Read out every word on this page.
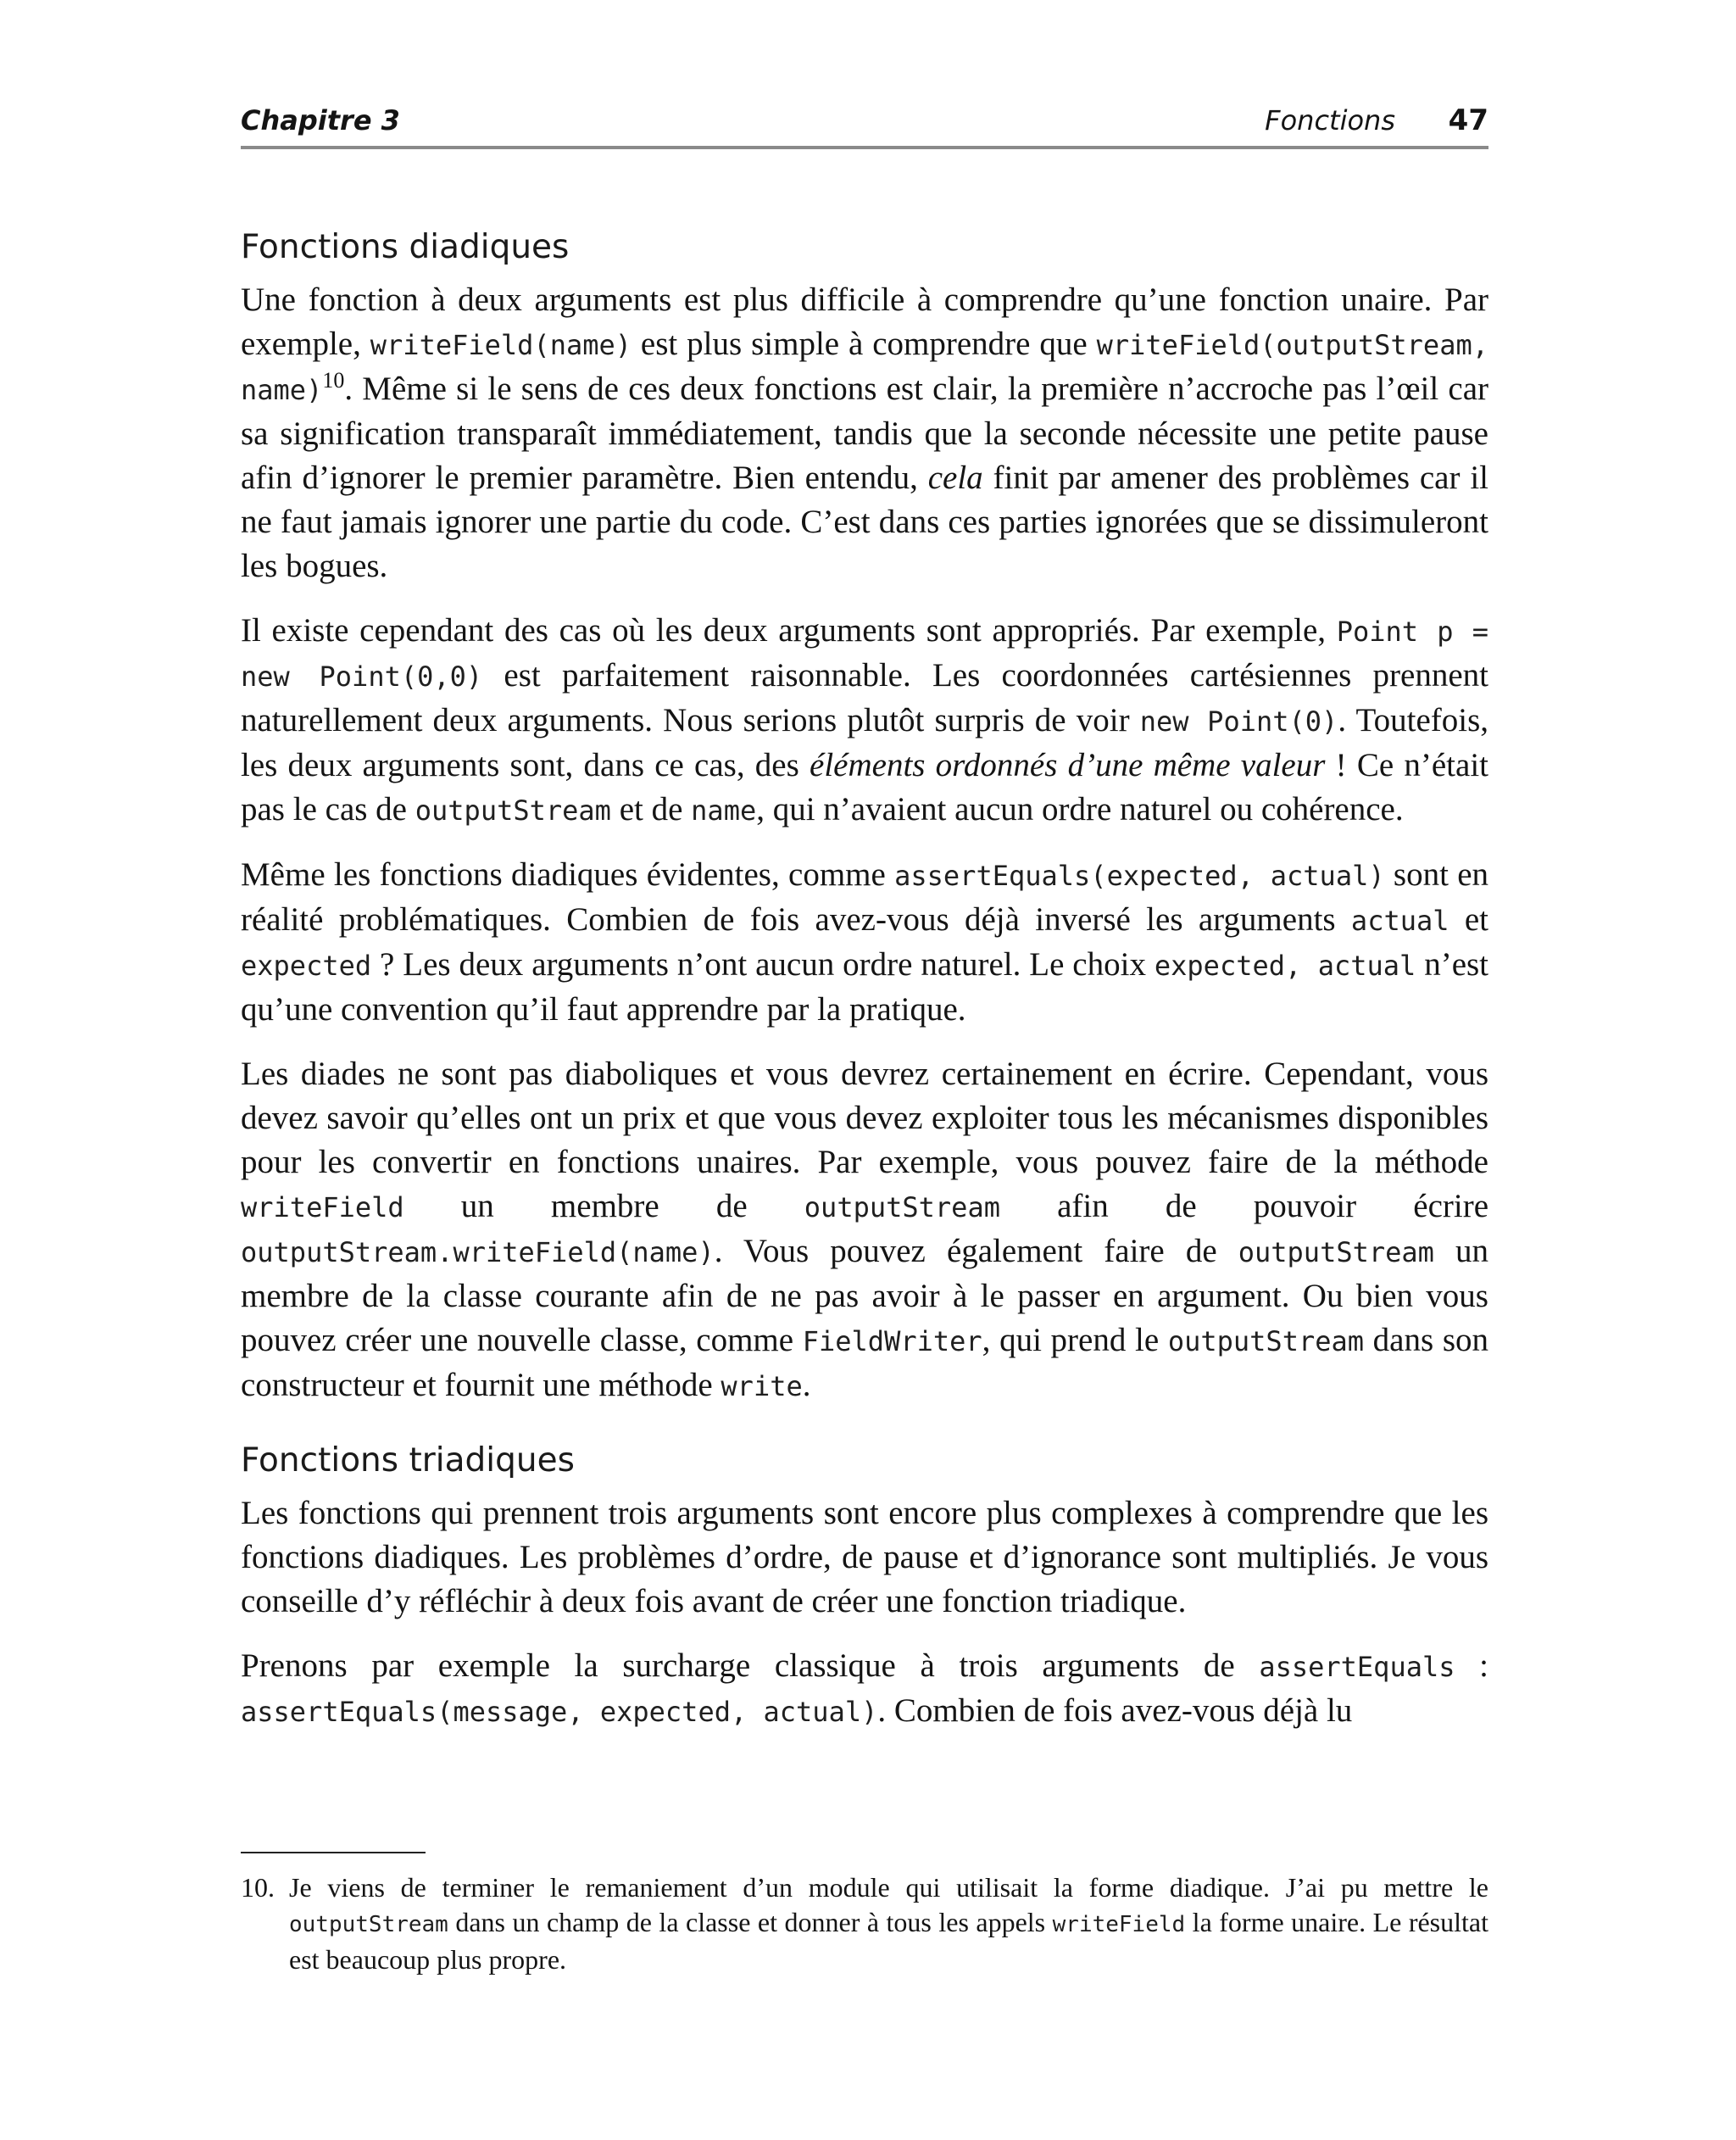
Chapitre 3	Fonctions 47
Fonctions diadiques

Une fonction à deux arguments est plus difficile à comprendre qu’une fonction unaire. Par exemple, writeField(name) est plus simple à comprendre que writeField(outputStream, name)$^{10}$. Même si le sens de ces deux fonctions est clair, la première n’accroche pas l’œil car sa signification transparaît immédiatement, tandis que la seconde nécessite une petite pause afin d’ignorer le premier paramètre. Bien entendu, cela finit par amener des problèmes car il ne faut jamais ignorer une partie du code. C’est dans ces parties ignorées que se dissimuleront les bogues.

Il existe cependant des cas où les deux arguments sont appropriés. Par exemple, Point p = new Point(0,0) est parfaitement raisonnable. Les coordonnées cartésiennes prennent naturellement deux arguments. Nous serions plutôt surpris de voir new Point(0). Toutefois, les deux arguments sont, dans ce cas, des éléments ordonnés d’une même valeur ! Ce n’était pas le cas de outputStream et de name, qui n’avaient aucun ordre naturel ou cohérence.

Même les fonctions diadiques évidentes, comme assertEquals(expected, actual) sont en réalité problématiques. Combien de fois avez-vous déjà inversé les arguments actual et expected ? Les deux arguments n’ont aucun ordre naturel. Le choix expected, actual n’est qu’une convention qu’il faut apprendre par la pratique.

Les diades ne sont pas diaboliques et vous devrez certainement en écrire. Cependant, vous devez savoir qu’elles ont un prix et que vous devez exploiter tous les mécanismes disponibles pour les convertir en fonctions unaires. Par exemple, vous pouvez faire de la méthode writeField un membre de outputStream afin de pouvoir écrire outputStream.writeField(name). Vous pouvez également faire de outputStream un membre de la classe courante afin de ne pas avoir à le passer en argument. Ou bien vous pouvez créer une nouvelle classe, comme FieldWriter, qui prend le outputStream dans son constructeur et fournit une méthode write.

Fonctions triadiques

Les fonctions qui prennent trois arguments sont encore plus complexes à comprendre que les fonctions diadiques. Les problèmes d’ordre, de pause et d’ignorance sont multipliés. Je vous conseille d’y réfléchir à deux fois avant de créer une fonction triadique.

Prenons par exemple la surcharge classique à trois arguments de assertEquals : assertEquals(message, expected, actual). Combien de fois avez-vous déjà lu

10. Je viens de terminer le remaniement d’un module qui utilisait la forme diadique. J’ai pu mettre le outputStream dans un champ de la classe et donner à tous les appels writeField la forme unaire. Le résultat est beaucoup plus propre.
